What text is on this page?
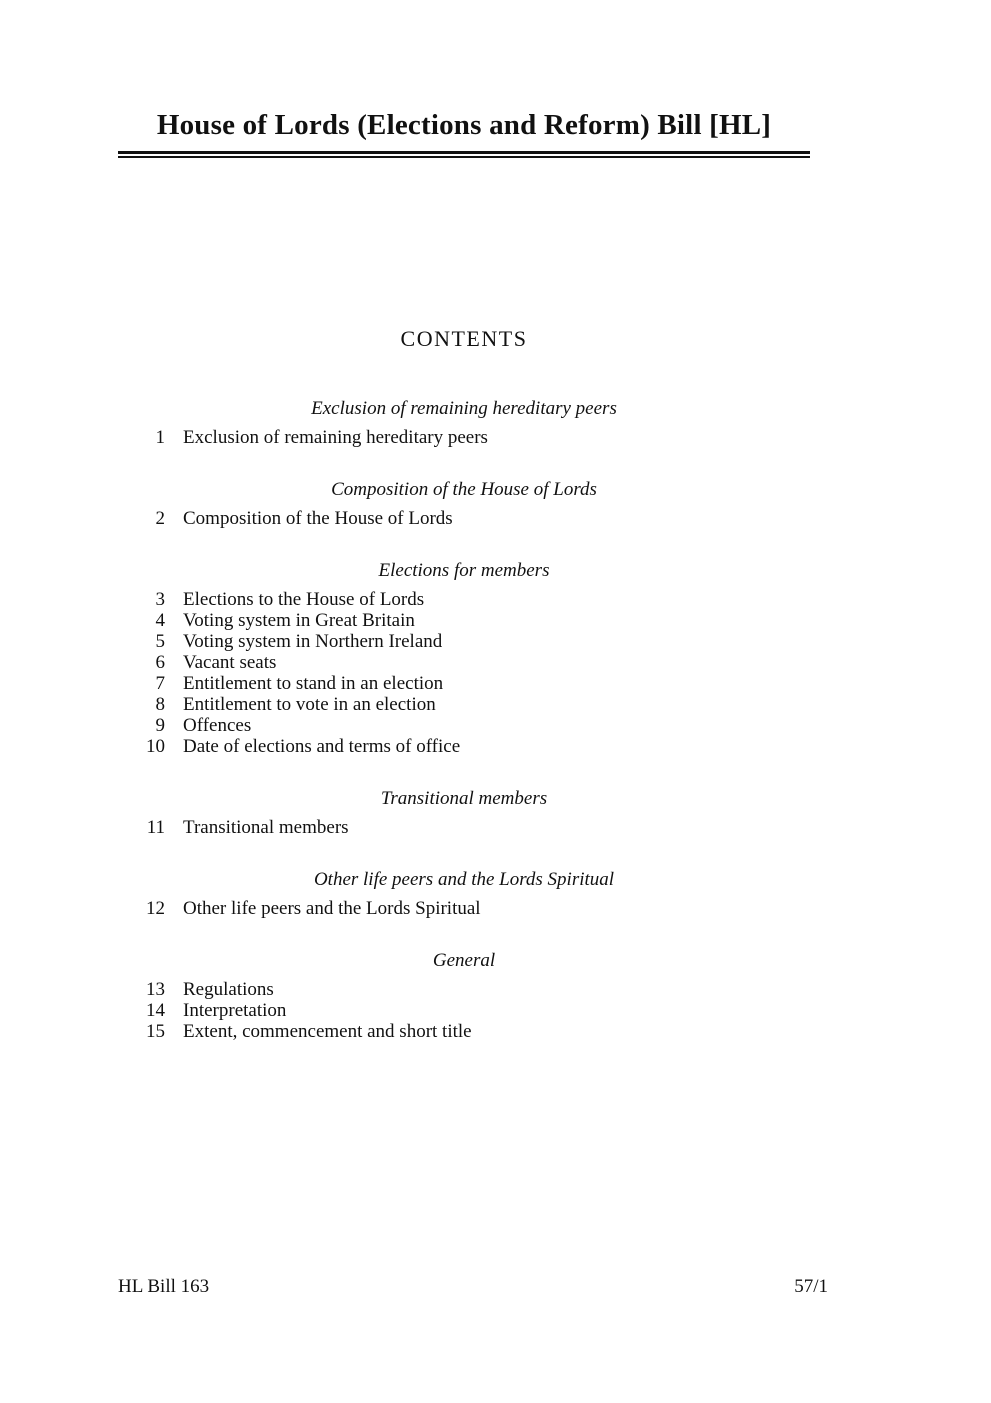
House of Lords (Elections and Reform) Bill [HL]
CONTENTS
Exclusion of remaining hereditary peers
1 Exclusion of remaining hereditary peers
Composition of the House of Lords
2 Composition of the House of Lords
Elections for members
3 Elections to the House of Lords
4 Voting system in Great Britain
5 Voting system in Northern Ireland
6 Vacant seats
7 Entitlement to stand in an election
8 Entitlement to vote in an election
9 Offences
10 Date of elections and terms of office
Transitional members
11 Transitional members
Other life peers and the Lords Spiritual
12 Other life peers and the Lords Spiritual
General
13 Regulations
14 Interpretation
15 Extent, commencement and short title
HL Bill 163	57/1
